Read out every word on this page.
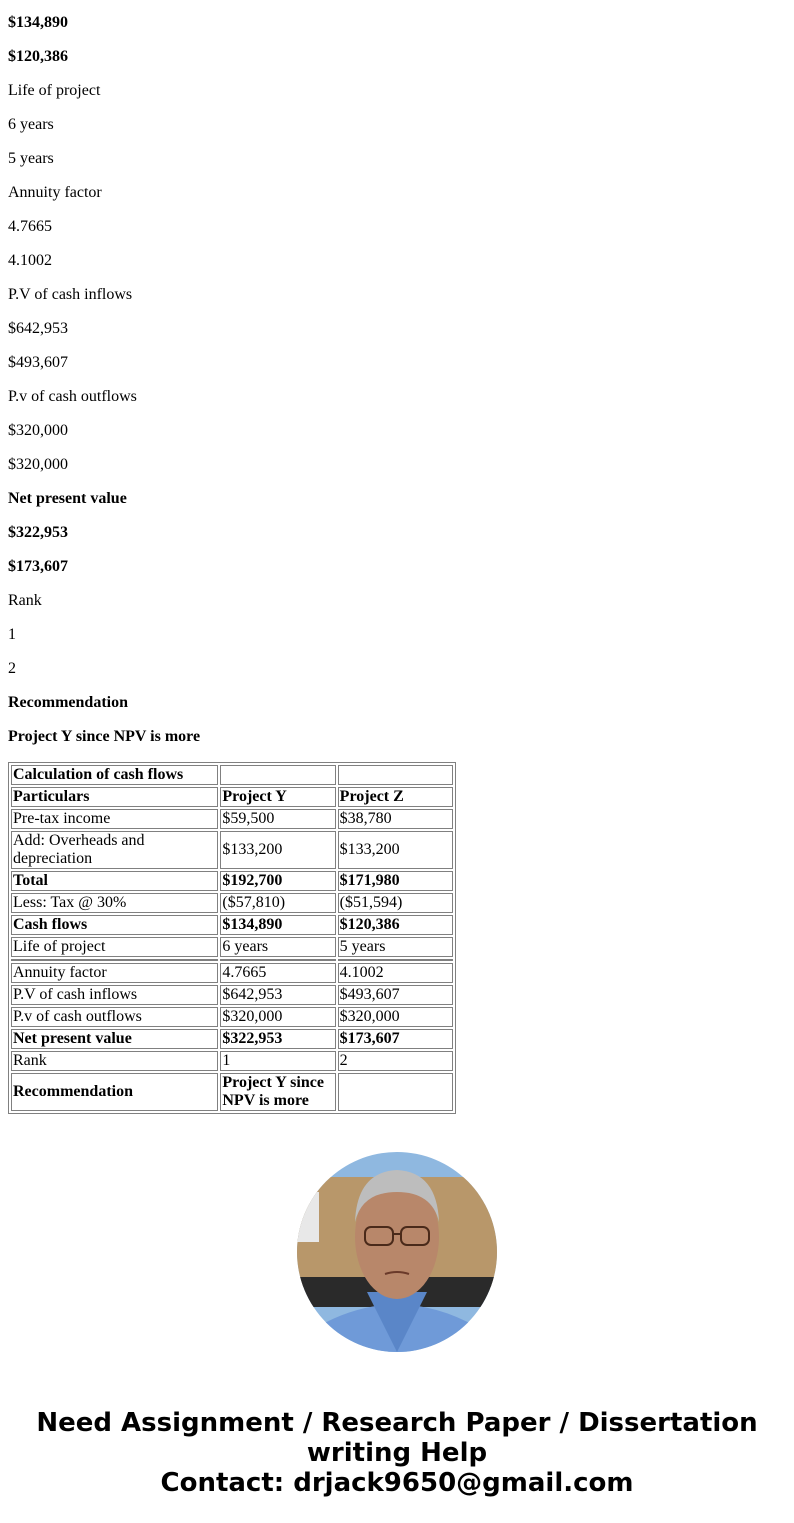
$134,890

$120,386

Life of project

6 years

5 years

Annuity factor

4.7665

4.1002

P.V of cash inflows

$642,953

$493,607

P.v of cash outflows

$320,000

$320,000

Net present value

$322,953

$173,607

Rank

1

2

Recommendation

Project Y since NPV is more

Calculation of cash flows		
Particulars	Project Y	Project Z
Pre-tax income	$59,500	$38,780
Add: Overheads and depreciation	$133,200	$133,200
Total	$192,700	$171,980
Less: Tax @ 30%	($57,810)	($51,594)
Cash flows	$134,890	$120,386
Life of project	6 years	5 years

Annuity factor	4.7665	4.1002
P.V of cash inflows	$642,953	$493,607
P.v of cash outflows	$320,000	$320,000
Net present value	$322,953	$173,607
Rank	1	2
Recommendation	Project Y since NPV is more	
Need Assignment / Research Paper / Dissertation writing Help
Contact: drjack9650@gmail.com
